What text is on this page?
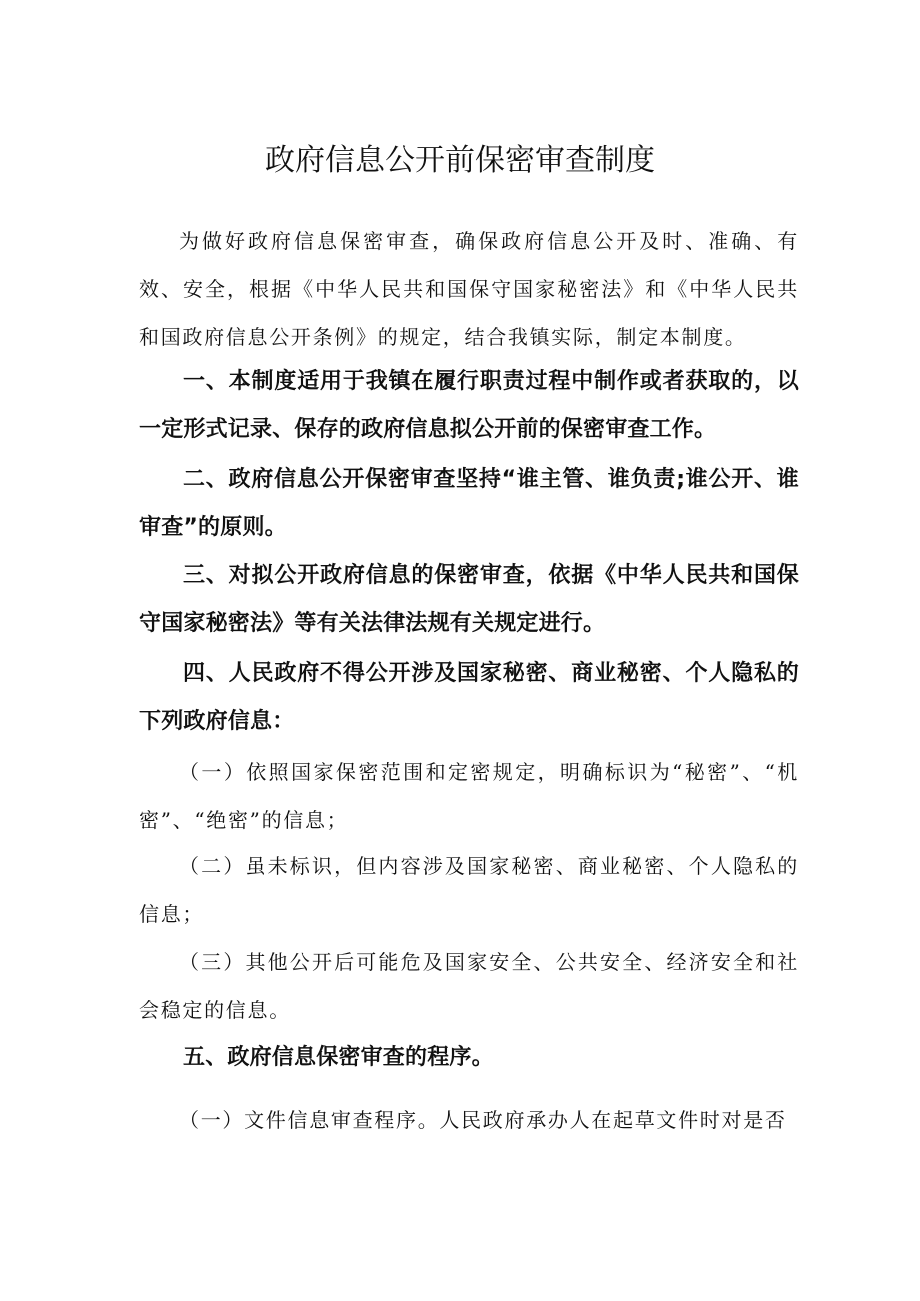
政府信息公开前保密审查制度

为做好政府信息保密审查，确保政府信息公开及时、准确、有效、安全，根据《中华人民共和国保守国家秘密法》和《中华人民共和国政府信息公开条例》的规定，结合我镇实际，制定本制度。

一、本制度适用于我镇在履行职责过程中制作或者获取的，以一定形式记录、保存的政府信息拟公开前的保密审查工作。

二、政府信息公开保密审查坚持“谁主管、谁负责;谁公开、谁审查”的原则。

三、对拟公开政府信息的保密审查，依据《中华人民共和国保守国家秘密法》等有关法律法规有关规定进行。

四、人民政府不得公开涉及国家秘密、商业秘密、个人隐私的下列政府信息：

（一）依照国家保密范围和定密规定，明确标识为“秘密”、“机密”、“绝密”的信息；

（二）虽未标识，但内容涉及国家秘密、商业秘密、个人隐私的信息；

（三）其他公开后可能危及国家安全、公共安全、经济安全和社会稳定的信息。

五、政府信息保密审查的程序。

（一）文件信息审查程序。人民政府承办人在起草文件时对是否
